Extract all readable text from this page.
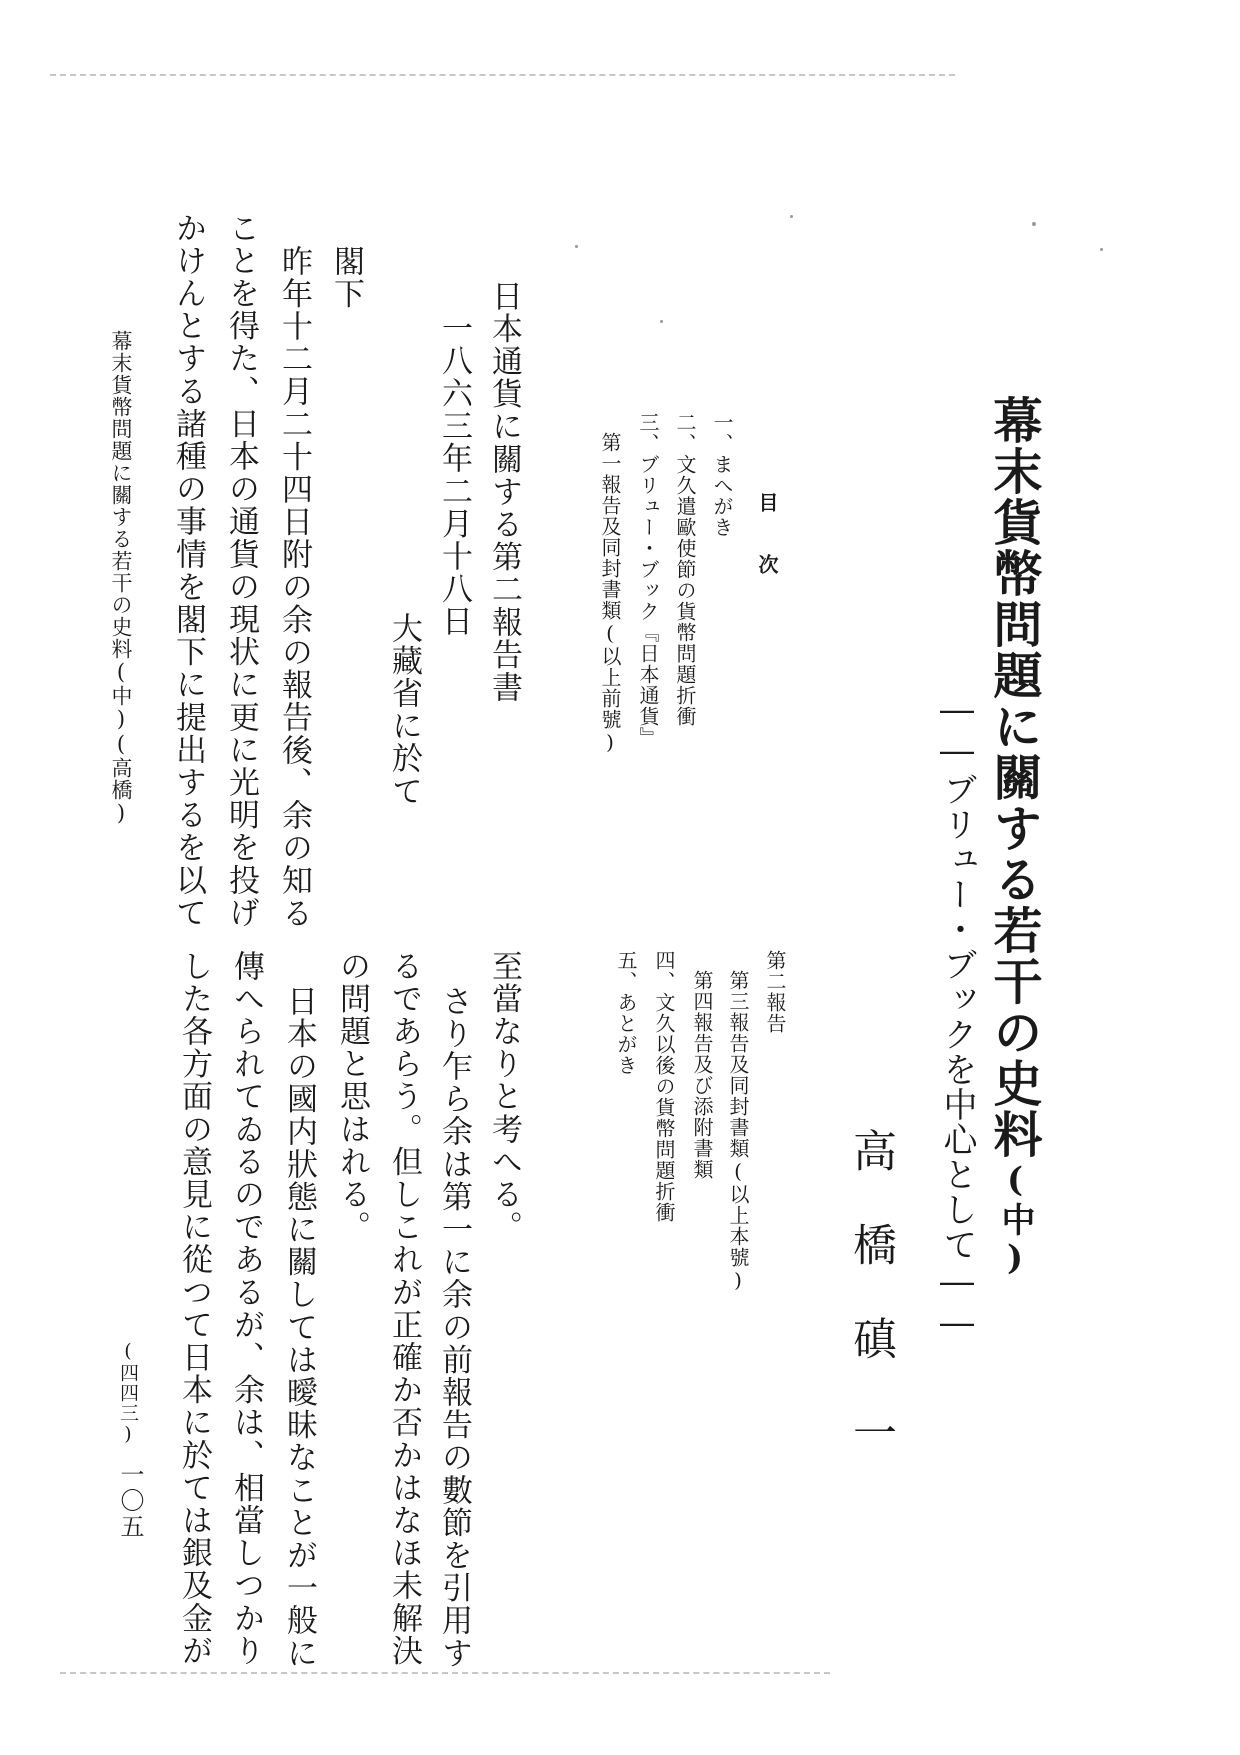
幕末貨幣問題に關する若干の史料(中)
――ブリュー・ブックを中心として――
高橋磌一
目次
一、まへがき
二、文久遣歐使節の貨幣問題折衝
三、ブリュー・ブック『日本通貨』
第一報告及同封書類(以上前號)
第二報告
第三報告及同封書類(以上本號)
第四報告及び添附書類
四、文久以後の貨幣問題折衝
五、あとがき
日本通貨に關する第二報告書
一八六三年二月十八日
大藏省に於て
閣下
昨年十二月二十四日附の余の報告後、余の知る
ことを得た、日本の通貨の現状に更に光明を投げ
かけんとする諸種の事情を閣下に提出するを以て
至當なりと考へる。
さり乍ら余は第一に余の前報告の數節を引用す
るであらう。但しこれが正確か否かはなほ未解決
の問題と思はれる。
日本の國内狀態に關しては曖昧なことが一般に
傳へられてゐるのであるが、余は、相當しつかり
した各方面の意見に從つて日本に於ては銀及金が
幕末貨幣問題に關する若干の史料(中)(高橋)
(四四三)
一〇五
